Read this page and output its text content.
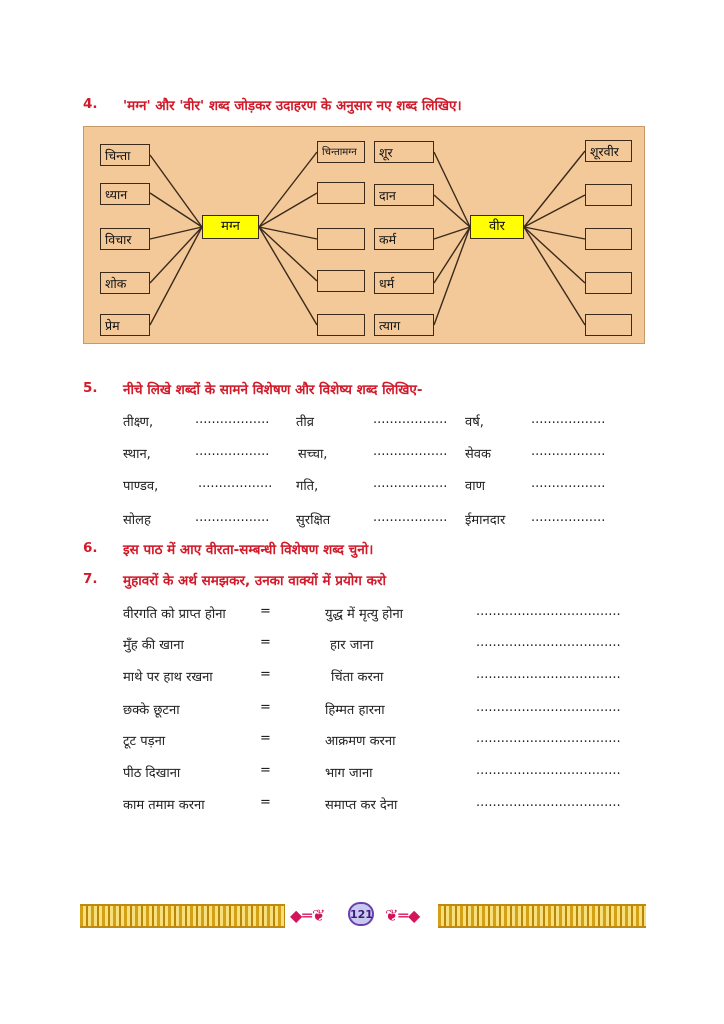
4. 'मग्न' और 'वीर' शब्द जोड़कर उदाहरण के अनुसार नए शब्द लिखिए।
चिन्ता
ध्यान
विचार
शोक
प्रेम
मग्न
चिन्तामग्न	शूर
दान
कर्म
धर्म
त्याग
वीर
शूरवीर
5. नीचे लिखे शब्दों के सामने विशेषण और विशेष्य शब्द लिखिए-
तीक्ष्ण,	.................. तीव्र	.................. वर्ष,	..................
स्थान,	.................. सच्चा,	.................. सेवक	..................
पाण्डव,	.................. गति,	.................. वाण	..................
सोलह	.................. सुरक्षित	.................. ईमानदार ..................
6. इस पाठ में आए वीरता-सम्बन्धी विशेषण शब्द चुनो।
7. मुहावरों के अर्थ समझकर, उनका वाक्यों में प्रयोग करो
वीरगति को प्राप्त होना	=	युद्ध में मृत्यु होना	...................................
मुँह की खाना	=	हार जाना	...................................
माथे पर हाथ रखना	=	चिंता करना	...................................
छक्के छूटना	=	हिम्मत हारना	...................................
टूट पड़ना	=	आक्रमण करना	...................................
पीठ दिखाना	=	भाग जाना	...................................
काम तमाम करना	=	समाप्त कर देना	...................................
◆═❦ 121 ❦═◆
